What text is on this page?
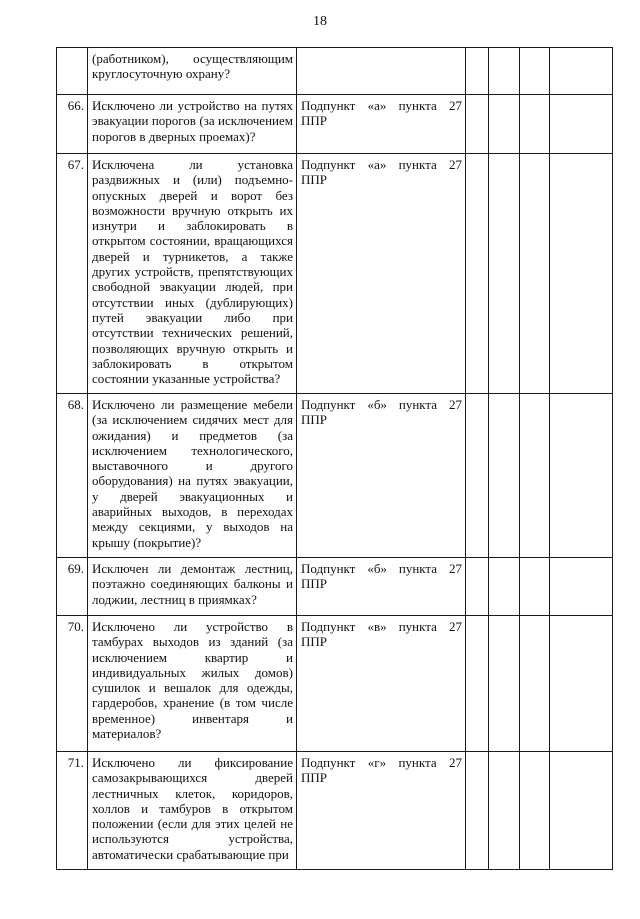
18
	(работником), осуществляющим круглосуточную охрану?					
66.	Исключено ли устройство на путях эвакуации порогов (за исключением порогов в дверных проемах)?	Подпункт «а» пункта 27 ППР				
67.	Исключена ли установка раздвижных и (или) подъемно-опускных дверей и ворот без возможности вручную открыть их изнутри и заблокировать в открытом состоянии, вращающихся дверей и турникетов, а также других устройств, препятствующих свободной эвакуации людей, при отсутствии иных (дублирующих) путей эвакуации либо при отсутствии технических решений, позволяющих вручную открыть и заблокировать в открытом состоянии указанные устройства?	Подпункт «а» пункта 27 ППР				
68.	Исключено ли размещение мебели (за исключением сидячих мест для ожидания) и предметов (за исключением технологического, выставочного и другого оборудования) на путях эвакуации, у дверей эвакуационных и аварийных выходов, в переходах между секциями, у выходов на крышу (покрытие)?	Подпункт «б» пункта 27 ППР				
69.	Исключен ли демонтаж лестниц, поэтажно соединяющих балконы и лоджии, лестниц в приямках?	Подпункт «б» пункта 27 ППР				
70.	Исключено ли устройство в тамбурах выходов из зданий (за исключением квартир и индивидуальных жилых домов) сушилок и вешалок для одежды, гардеробов, хранение (в том числе временное) инвентаря и материалов?	Подпункт «в» пункта 27 ППР				
71.	Исключено ли фиксирование самозакрывающихся дверей лестничных клеток, коридоров, холлов и тамбуров в открытом положении (если для этих целей не используются устройства, автоматически срабатывающие при	Подпункт «г» пункта 27 ППР				
